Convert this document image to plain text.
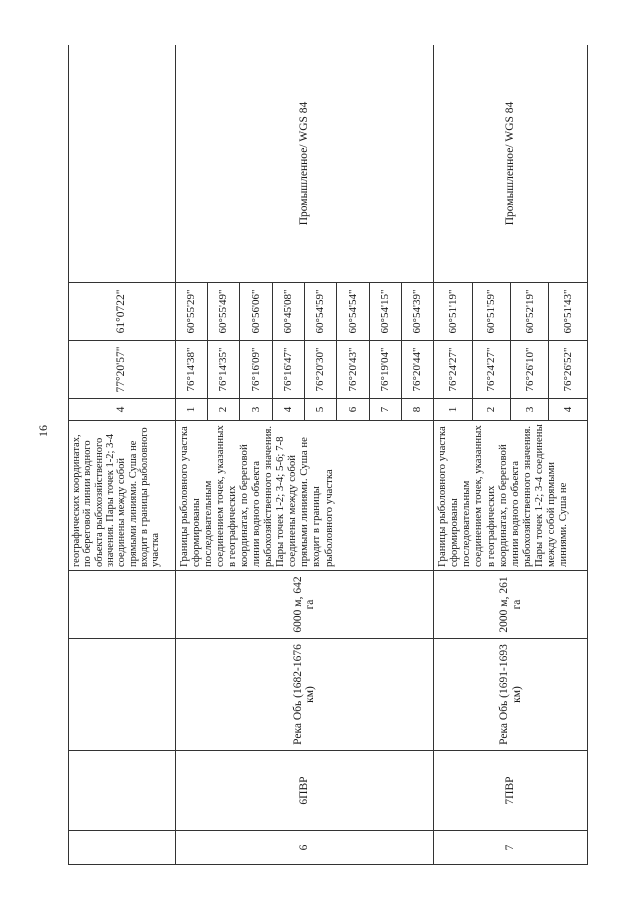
16
				географических координатах, по береговой линии водного объекта рыбохозяйственного значения. Пары точек 1-2; 3-4 соединены между собой прямыми линиями. Суша не входит в границы рыболовного участка	4	77°20'57"	61°0722"	
6	6ПВР	Река Обь (1682-1676 км)	6000 м, 642 га	Границы рыболовного участка сформированы последовательным соединением точек, указанных в географических координатах, по береговой линии водного объекта рыбохозяйственного значения. Пары точек 1-2; 3-4; 5-6; 7-8 соединены между собой прямыми линиями. Суша не входит в границы рыболовного участка	1	76°14'38"	60°55'29"	Промышленное/ WGS 84
					2	76°14'35"	60°55'49"	
					3	76°16'09"	60°56'06"	
					4	76°16'47"	60°45'08"	
					5	76°20'30"	60°54'59"	
					6	76°20'43"	60°54'54"	
					7	76°19'04"	60°54'15"	
					8	76°20'44"	60°54'39"	
7	7ПВР	Река Обь (1691-1693 км)	2000 м, 261 га	Границы рыболовного участка сформированы последовательным соединением точек, указанных в географических координатах, по береговой линии водного объекта рыбохозяйственного значения. Пары точек 1-2; 3-4 соединены между собой прямыми линиями. Суша не	1	76°24'27"	60°51'19"	Промышленное/ WGS 84
					2	76°24'27"	60°51'59"	
					3	76°26'10"	60°52'19"	
					4	76°26'52"	60°51'43"	
